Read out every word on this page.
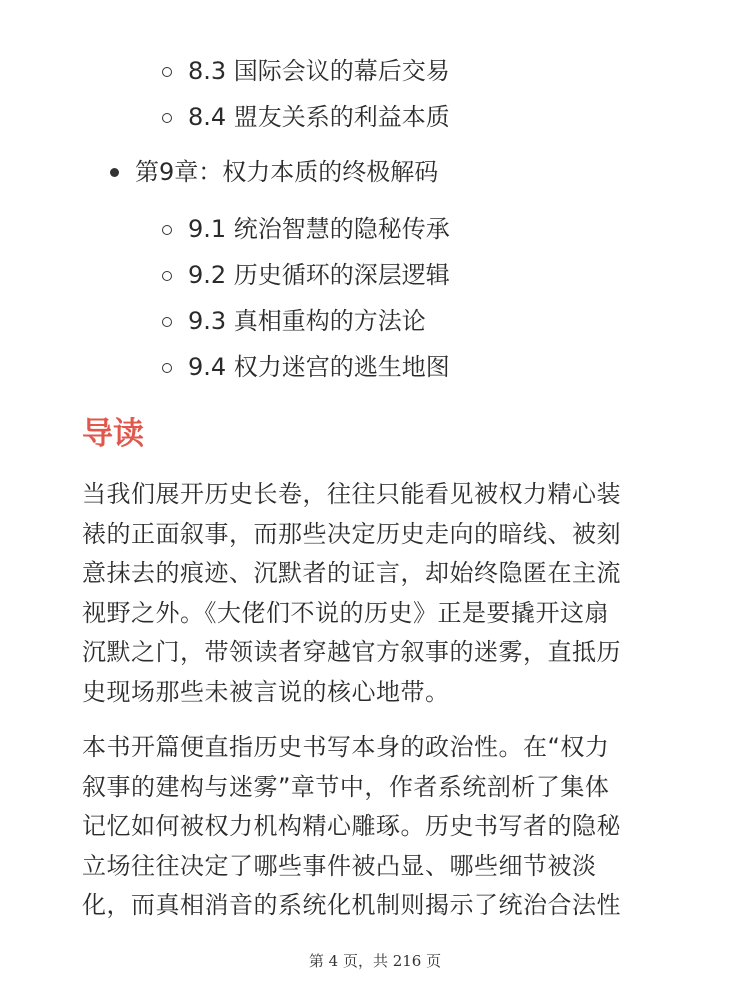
8.3 国际会议的幕后交易
8.4 盟友关系的利益本质
第9章：权力本质的终极解码
9.1 统治智慧的隐秘传承
9.2 历史循环的深层逻辑
9.3 真相重构的方法论
9.4 权力迷宫的逃生地图
导读

当我们展开历史长卷，往往只能看见被权力精心装
裱的正面叙事，而那些决定历史走向的暗线、被刻
意抹去的痕迹、沉默者的证言，却始终隐匿在主流
视野之外。《大佬们不说的历史》正是要撬开这扇
沉默之门，带领读者穿越官方叙事的迷雾，直抵历
史现场那些未被言说的核心地带。

本书开篇便直指历史书写本身的政治性。在“权力
叙事的建构与迷雾”章节中，作者系统剖析了集体
记忆如何被权力机构精心雕琢。历史书写者的隐秘
立场往往决定了哪些事件被凸显、哪些细节被淡
化，而真相消音的系统化机制则揭示了统治合法性

第 4 页，共 216 页
